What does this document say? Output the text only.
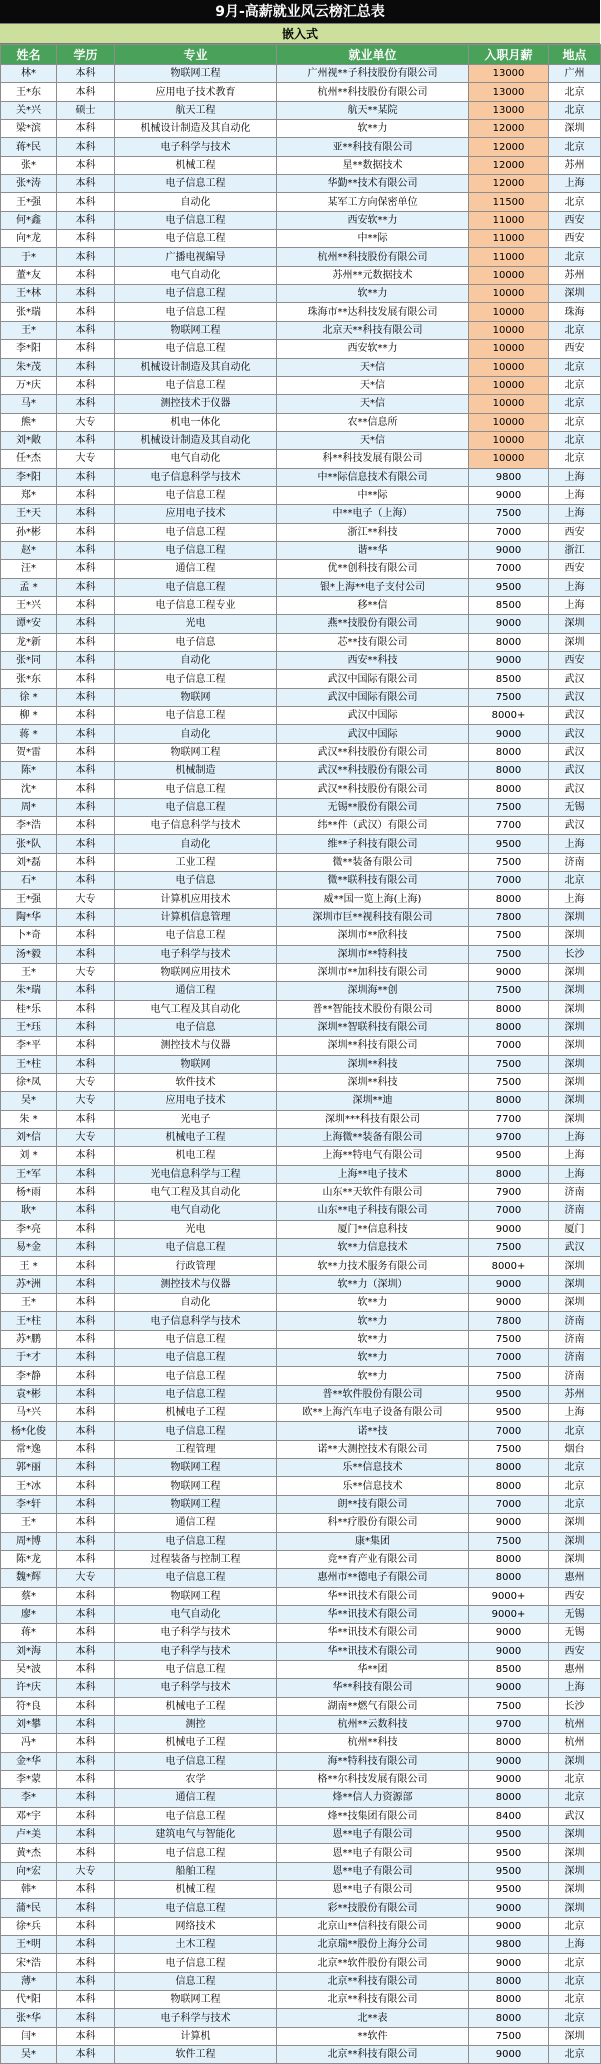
9月-高薪就业风云榜汇总表
嵌入式
姓名	学历	专业	就业单位	入职月薪	地点
林*	本科	物联网工程	广州视**子科技股份有限公司	13000	广州
王*东	本科	应用电子技术教育	杭州**科技股份有限公司	13000	北京
关*兴	硕士	航天工程	航天**某院	13000	北京
梁*滨	本科	机械设计制造及其自动化	软**力	12000	深圳
蒋*民	本科	电子科学与技术	亚**科技有限公司	12000	北京
张*	本科	机械工程	星**数据技术	12000	苏州
张*涛	本科	电子信息工程	华勤**技术有限公司	12000	上海
王*强	本科	自动化	某军工方向保密单位	11500	北京
何*鑫	本科	电子信息工程	西安软**力	11000	西安
向*龙	本科	电子信息工程	中**际	11000	西安
于*	本科	广播电视编导	杭州**科技股份有限公司	11000	北京
董*友	本科	电气自动化	苏州**元数据技术	10000	苏州
王*林	本科	电子信息工程	软**力	10000	深圳
张*瑞	本科	电子信息工程	珠海市**达科技发展有限公司	10000	珠海
王*	本科	物联网工程	北京天**科技有限公司	10000	北京
李*阳	本科	电子信息工程	西安软**力	10000	西安
朱*茂	本科	机械设计制造及其自动化	天*信	10000	北京
万*庆	本科	电子信息工程	天*信	10000	北京
马*	本科	测控技术于仪器	天*信	10000	北京
熊*	大专	机电一体化	农**信息所	10000	北京
刘*敞	本科	机械设计制造及其自动化	天*信	10000	北京
任*杰	大专	电气自动化	科**科技发展有限公司	10000	北京
李*阳	本科	电子信息科学与技术	中**际信息技术有限公司	9800	上海
郑*	本科	电子信息工程	中**际	9000	上海
王*天	本科	应用电子技术	中**电子（上海）	7500	上海
孙*彬	本科	电子信息工程	浙江**科技	7000	西安
赵*	本科	电子信息工程	谐**华	9000	浙江
汪*	本科	通信工程	优**创科技有限公司	7000	西安
孟 *	本科	电子信息工程	银*上海**电子支付公司	9500	上海
王*兴	本科	电子信息工程专业	移**信	8500	上海
谭*安	本科	光电	燕**技股份有限公司	9000	深圳
龙*新	本科	电子信息	芯**技有限公司	8000	深圳
张*同	本科	自动化	西安**科技	9000	西安
张*东	本科	电子信息工程	武汉中国际有限公司	8500	武汉
徐 *	本科	物联网	武汉中国际有限公司	7500	武汉
柳 *	本科	电子信息工程	武汉中国际	8000+	武汉
蒋 *	本科	自动化	武汉中国际	9000	武汉
贺*雷	本科	物联网工程	武汉**科技股份有限公司	8000	武汉
陈*	本科	机械制造	武汉**科技股份有限公司	8000	武汉
沈*	本科	电子信息工程	武汉**科技股份有限公司	8000	武汉
周*	本科	电子信息工程	无锡**股份有限公司	7500	无锡
李*浩	本科	电子信息科学与技术	纬**件（武汉）有限公司	7700	武汉
张*队	本科	自动化	维**子科技有限公司	9500	上海
刘*磊	本科	工业工程	微**装备有限公司	7500	济南
石*	本科	电子信息	微**联科技有限公司	7000	北京
王*强	大专	计算机应用技术	威**国一览上海(上海)	8000	上海
陶*华	本科	计算机信息管理	深圳市巨**视科技有限公司	7800	深圳
卜*奇	本科	电子信息工程	深圳市**欣科技	7500	深圳
汤*毅	本科	电子科学与技术	深圳市**特科技	7500	长沙
王*	大专	物联网应用技术	深圳市**加科技有限公司	9000	深圳
朱*瑞	本科	通信工程	深圳海**创	7500	深圳
桂*乐	本科	电气工程及其自动化	普**智能技术股份有限公司	8000	深圳
王*珏	本科	电子信息	深圳**智联科技有限公司	8000	深圳
李*平	本科	测控技术与仪器	深圳**科技有限公司	7000	深圳
王*柱	本科	物联网	深圳**科技	7500	深圳
徐*凤	大专	软件技术	深圳**科技	7500	深圳
吴*	大专	应用电子技术	深圳**迪	8000	深圳
朱 *	本科	光电子	深圳***科技有限公司	7700	深圳
刘*信	大专	机械电子工程	上海微**装备有限公司	9700	上海
刘 *	本科	机电工程	上海**特电气有限公司	9500	上海
王*军	本科	光电信息科学与工程	上海**电子技术	8000	上海
杨*雨	本科	电气工程及其自动化	山东**天软件有限公司	7900	济南
耿*	本科	电气自动化	山东**电子科技有限公司	7000	济南
李*亮	本科	光电	厦门**信息科技	9000	厦门
易*金	本科	电子信息工程	软**力信息技术	7500	武汉
王 *	本科	行政管理	软**力技术服务有限公司	8000+	深圳
苏*洲	本科	测控技术与仪器	软**力（深圳）	9000	深圳
王*	本科	自动化	软**力	9000	深圳
王*柱	本科	电子信息科学与技术	软**力	7800	济南
苏*鹏	本科	电子信息工程	软**力	7500	济南
于*才	本科	电子信息工程	软**力	7000	济南
李*静	本科	电子信息工程	软**力	7500	济南
袁*彬	本科	电子信息工程	普**软件股份有限公司	9500	苏州
马*兴	本科	机械电子工程	欧**上海汽车电子设备有限公司	9500	上海
杨*化俊	本科	电子信息工程	诺**技	7000	北京
常*逸	本科	工程管理	诺**大测控技术有限公司	7500	烟台
郭*丽	本科	物联网工程	乐**信息技术	8000	北京
王*冰	本科	物联网工程	乐**信息技术	8000	北京
李*轩	本科	物联网工程	朗**技有限公司	7000	北京
王*	本科	通信工程	科**疗股份有限公司	9000	深圳
周*博	本科	电子信息工程	康*集团	7500	深圳
陈*龙	本科	过程装备与控制工程	竞**育产业有限公司	8000	深圳
魏*辉	大专	电子信息工程	惠州市**德电子有限公司	8000	惠州
蔡*	本科	物联网工程	华**讯技术有限公司	9000+	西安
廖*	本科	电气自动化	华**讯技术有限公司	9000+	无锡
蒋*	本科	电子科学与技术	华**讯技术有限公司	9000	无锡
刘*海	本科	电子科学与技术	华**讯技术有限公司	9000	西安
吴*波	本科	电子信息工程	华**团	8500	惠州
许*庆	本科	电子科学与技术	华**科技有限公司	9000	上海
符*良	本科	机械电子工程	湖南**燃气有限公司	7500	长沙
刘*攀	本科	测控	杭州**云数科技	9700	杭州
冯*	本科	机械电子工程	杭州**科技	8000	杭州
金*华	本科	电子信息工程	海**特科技有限公司	9000	深圳
李*蒙	本科	农学	格**尔科技发展有限公司	9000	北京
李*	本科	通信工程	烽**信人力资源部	8000	北京
邓*宇	本科	电子信息工程	烽**技集团有限公司	8400	武汉
卢*美	本科	建筑电气与智能化	恩**电子有限公司	9500	深圳
黄*杰	本科	电子信息工程	恩**电子有限公司	9500	深圳
向*宏	大专	船舶工程	恩**电子有限公司	9500	深圳
韩*	本科	机械工程	恩**电子有限公司	9500	深圳
蒲*民	本科	电子信息工程	彩**技股份有限公司	9000	深圳
徐*兵	本科	网络技术	北京山**信科技有限公司	9000	北京
王*明	本科	土木工程	北京瑞**股份上海分公司	9800	上海
宋*浩	本科	电子信息工程	北京**软件股份有限公司	9000	北京
薄*	本科	信息工程	北京**科技有限公司	8000	北京
代*阳	本科	物联网工程	北京**科技有限公司	8000	北京
张*华	本科	电子科学与技术	北**表	8000	北京
闫*	本科	计算机	**软件	7500	深圳
吴*	本科	软件工程	北京**科技有限公司	9000	北京
